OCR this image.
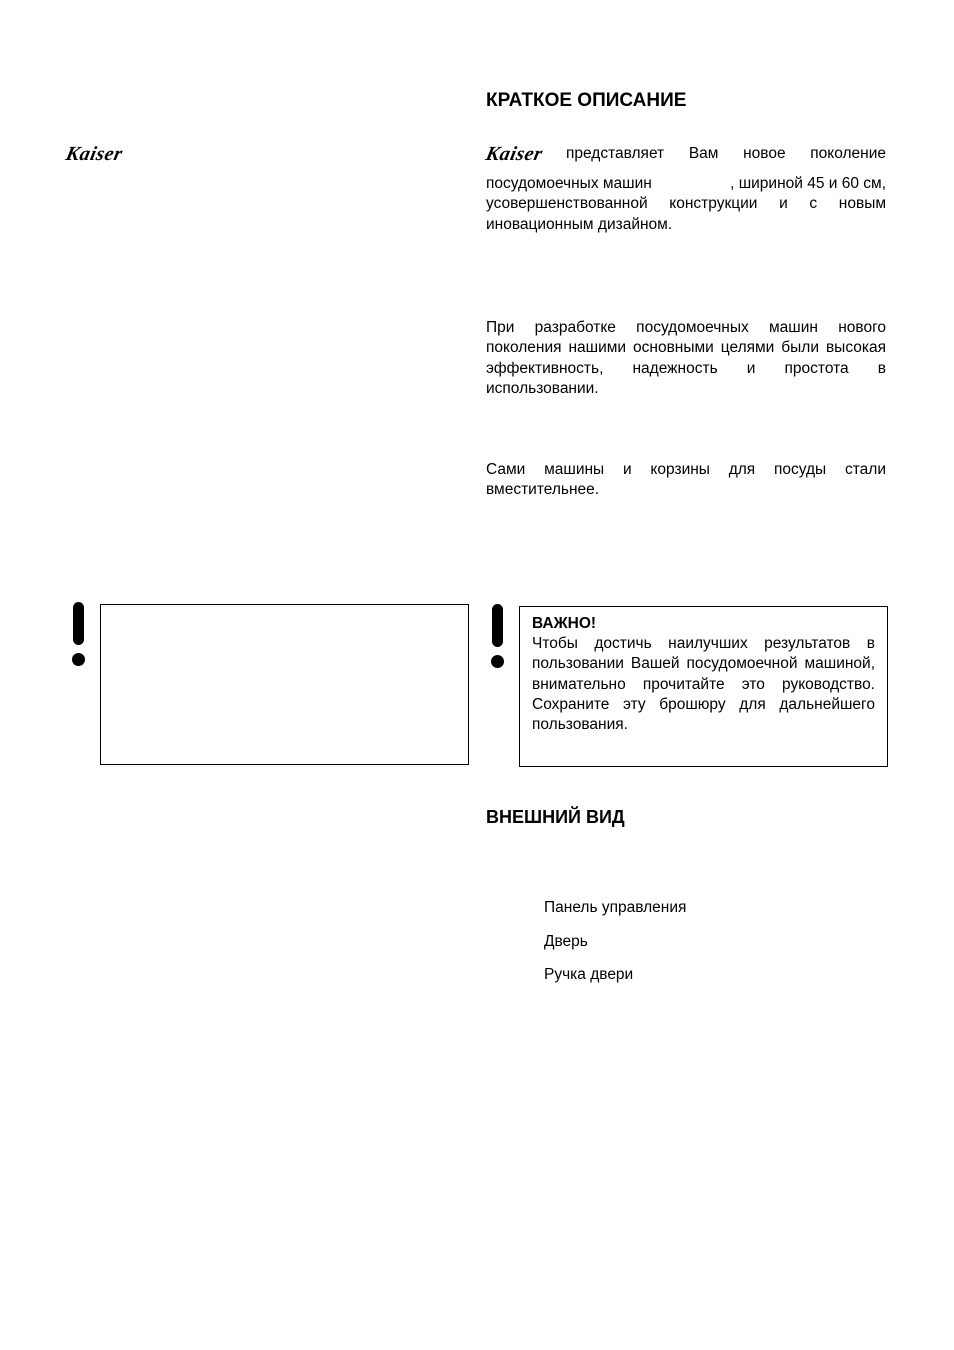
Kaiser
КРАТКОЕ ОПИСАНИЕ
Kaiser представляет Вам новое поколение
посудомоечных машин	, шириной 45 и 60 см,
усовершенствованной конструкции и с новым
иновационным дизайном.
При разработке посудомоечных машин нового поколения нашими основными целями были высокая эффективность, надежность и простота в использовании.
Сами машины и корзины для посуды стали вместительнее.
ВАЖНО!
Чтобы достичь наилучших результатов в пользовании Вашей посудомоечной машиной, внимательно прочитайте это руководство. Сохраните эту брошюру для дальнейшего пользования.
ВНЕШНИЙ ВИД
Панель управления
Дверь
Ручка двери
